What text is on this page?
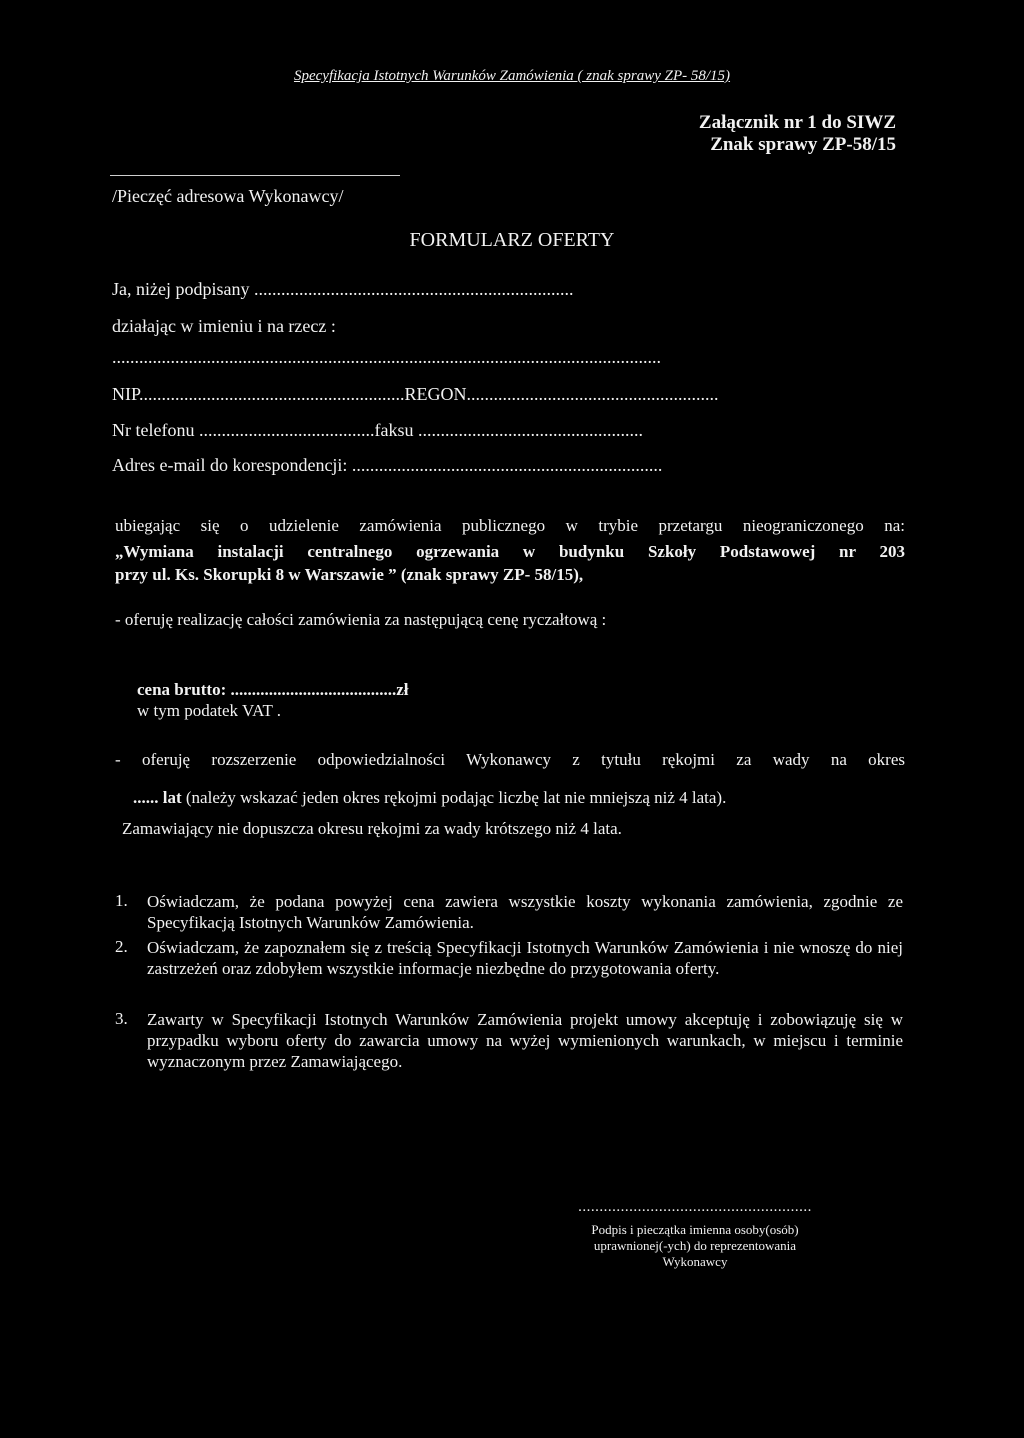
Specyfikacja Istotnych Warunków Zamówienia ( znak sprawy ZP- 58/15)
Załącznik nr 1 do SIWZ
Znak sprawy ZP-58/15
/Pieczęć adresowa Wykonawcy/
FORMULARZ OFERTY
Ja, niżej podpisany .......................................................................
działając w imieniu i na rzecz :
..........................................................................................................................
NIP...........................................................REGON........................................................
Nr telefonu .......................................faksu ..................................................
Adres e-mail do korespondencji: .....................................................................
ubiegając się o udzielenie zamówienia publicznego w trybie przetargu nieograniczonego na:
„Wymiana instalacji centralnego ogrzewania w budynku Szkoły Podstawowej nr 203
przy ul. Ks. Skorupki 8 w Warszawie ” (znak sprawy ZP- 58/15),
- oferuję realizację całości zamówienia za następującą cenę ryczałtową :
cena brutto: .......................................zł
w tym podatek VAT .
- oferuję rozszerzenie odpowiedzialności Wykonawcy z tytułu rękojmi za wady na okres
...... lat (należy wskazać jeden okres rękojmi podając liczbę lat nie mniejszą niż 4 lata).
Zamawiający nie dopuszcza okresu rękojmi za wady krótszego niż 4 lata.
1. Oświadczam, że podana powyżej cena zawiera wszystkie koszty wykonania zamówienia, zgodnie ze Specyfikacją Istotnych Warunków Zamówienia.
2. Oświadczam, że zapoznałem się z treścią Specyfikacji Istotnych Warunków Zamówienia i nie wnoszę do niej zastrzeżeń oraz zdobyłem wszystkie informacje niezbędne do przygotowania oferty.
3. Zawarty w Specyfikacji Istotnych Warunków Zamówienia projekt umowy akceptuję i zobowiązuję się w przypadku wyboru oferty do zawarcia umowy na wyżej wymienionych warunkach, w miejscu i terminie wyznaczonym przez Zamawiającego.
.......................................................
Podpis i pieczątka imienna osoby(osób)
uprawnionej(-ych) do reprezentowania
Wykonawcy
